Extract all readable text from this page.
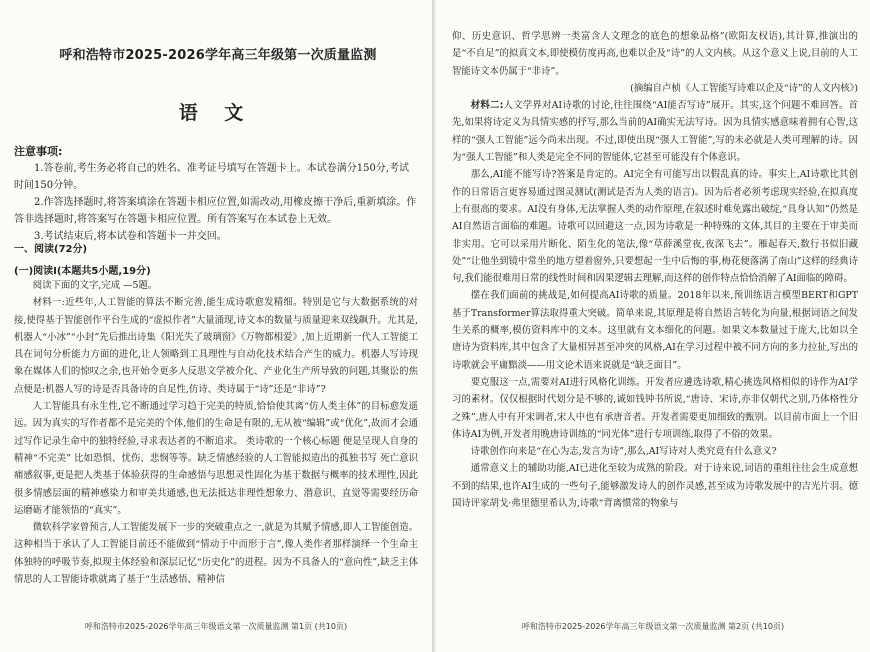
呼和浩特市2025-2026学年高三年级第一次质量监测
语 文
注意事项:

1.答卷前,考生务必将自己的姓名、准考证号填写在答题卡上。本试卷满分150分,考试时间150分钟。

2.作答选择题时,将答案填涂在答题卡相应位置,如需改动,用橡皮擦干净后,重新填涂。作答非选择题时,将答案写在答题卡相应位置。所有答案写在本试卷上无效。

3.考试结束后,将本试卷和答题卡一并交回。

一、阅读(72分)
(一)阅读I(本题共5小题,19分)

阅读下面的文字,完成 —5题。

材料一:近些年,人工智能的算法不断完善,能生成诗歌愈发精细。特别是它与大数据系统的对接,使得基于智能创作平台生成的“虚拟作者”大量涌现,诗文本的数量与质量迎来双线飙升。尤其是,机器人“小冰”“小封”先后推出诗集《阳光失了玻璃窗》《万物都相爱》,加上近期新一代人工智能工具在词句分析能力方面的进化,让人领略到工具理性与自动化技术结合产生的威力。机器人写诗现象在媒体人们的惊叹之余,也开始令更多人反思文学被介化、产业化生产所导致的问题,其聚讼的焦点便是:机器人写的诗是否具备诗的自足性,仿诗、类诗属于“诗”还是“非诗”?

人工智能具有永生性,它不断通过学习趋于完美的特质,恰恰使其离“仿人类主体”的目标愈发遥远。因为真实的写作者都不是完美的个体,他们的生命是有限的,无从被“编辑”或“优化”,故而才会通过写作记录生命中的独特经验,寻求表达者的不断追求。 类诗歌的一个核心标题 便是呈现人自身的精神“不完美” 比如恐惧、忧伤、悲悯等等。缺乏情感经验的人工智能拟造出的孤独书写 死亡意识 痛感叙事,更是把人类基于体验获得的生命感悟与思想灵性固化为基于数据与概率的技术理性,因此很多情感层面的精神感染力和审美共通感,也无法抵达非理性想象力、潜意识、直觉等需要经历命运磨砺才能领悟的“真实”。

微软科学家曾预言,人工智能发展下一步的突破重点之一,就是为其赋予情感,即人工智能创造。这种相当于承认了人工智能目前还不能做到“情动于中而形于言”,像人类作者那样演绎一个生命主体独特的呼吸节奏,拟现主体经验和深层记忆“历史化”的进程。因为不具备人的“意向性”,缺乏主体情思的人工智能诗歌就离了基于“生活感悟、精神信

呼和浩特市2025-2026学年高三年级语文第一次质量监测 第1页 (共10页)

仰、历史意识、哲学思辨一类富含人文理念的底色的想象品格”(欧阳友权语),其计算,推演出的是“不自足”的拟真文本,即使模仿度再高,也难以企及“诗”的人文内核。从这个意义上说,目前的人工智能诗文本仍属于“非诗”。

(摘编自卢桢《人工智能写诗难以企及“诗”的人文内核》)

材料二:人文学界对AI诗歌的讨论,往往围绕“AI能否写诗”展开。其实,这个问题不难回答。首先,如果将诗定义为具情实感的抒写,那么当前的AI确实无法写诗。因为具情实感意味着拥有心智,这样的“强人工智能”远今尚未出现。不过,即使出现“强人工智能”,写的未必就是人类可理解的诗。因为“强人工智能”和人类是完全不同的智能体,它甚至可能没有个体意识。

那么,AI能不能写诗?答案是肯定的。AI完全有可能写出以假乱真的诗。事实上,AI诗歌比其创作的日常语言更容易通过图灵测试(测试是否为人类的语言)。因为后者必须考虑现实经验,在拟真度上有很高的要求。AI没有身体,无法掌握人类的动作原理,在叙述时难免露出破绽,“具身认知”仍然是AI自然语言面临的难题。诗歌可以回避这一点,因为诗歌是一种特殊的文体,其目的主要在于审美而非实用。它可以采用片断化、陌生化的笔法,像“草薛溪堂夜,夜深飞去”。雁起春天,数行书似旧藏处”“让他坐到镜中常坐的地方望着窗外,只要想起一生中后悔的事,梅花便落满了南山”这样的经典诗句,我们能很难用日常的线性时间和因果逻辑去理解,而这样的创作特点恰恰消解了AI面临的障碍。

摆在我们面前的挑战是,如何提高AI诗歌的质量。2018年以来,预训练语言模型BERT和GPT基于Transformer算法取得重大突破。简单来说,其原理是将自然语言转化为向量,根据词语之间发生关系的概率,模仿资料库中的文本。这里就有文本细化的问题。如果文本数量过于庞大,比如以全唐诗为资料库,其中包含了大量相异甚至冲突的风格,AI在学习过程中被不同方向的多力拉扯,写出的诗歌就会平庸黯淡——用文论术语来说就是“缺乏面目”。

要克服这一点,需要对AI进行风格化训练。开发者应遴选诗歌,精心挑选风格相似的诗作为AI学习的素材。仅仅根据时代划分是不够的,诚如钱钟书所说,“唐诗、宋诗,亦非仅朝代之别,乃体格性分之殊”,唐人中有开宋调者,宋人中也有承唐音者。开发者需要更加细致的甄别。以目前市面上一个旧体诗AI为例,开发者用晚唐诗训练的“同光体”进行专项训练,取得了不俗的效果。

诗歌创作向来是“在心为志,发言为诗”,那么,AI写诗对人类究竟有什么意义?

通常意义上的辅助功能,AI已进化至较为成熟的阶段。对于诗来说,词语的重组往往会生成意想不到的结果,也许AI生成的一些句子,能够激发诗人的创作灵感,甚至成为诗歌发展中的吉光片羽。德国诗评家胡戈·弗里德里希认为,诗歌“背离惯常的物象与

呼和浩特市2025-2026学年高三年级语文第一次质量监测 第2页 (共10页)
